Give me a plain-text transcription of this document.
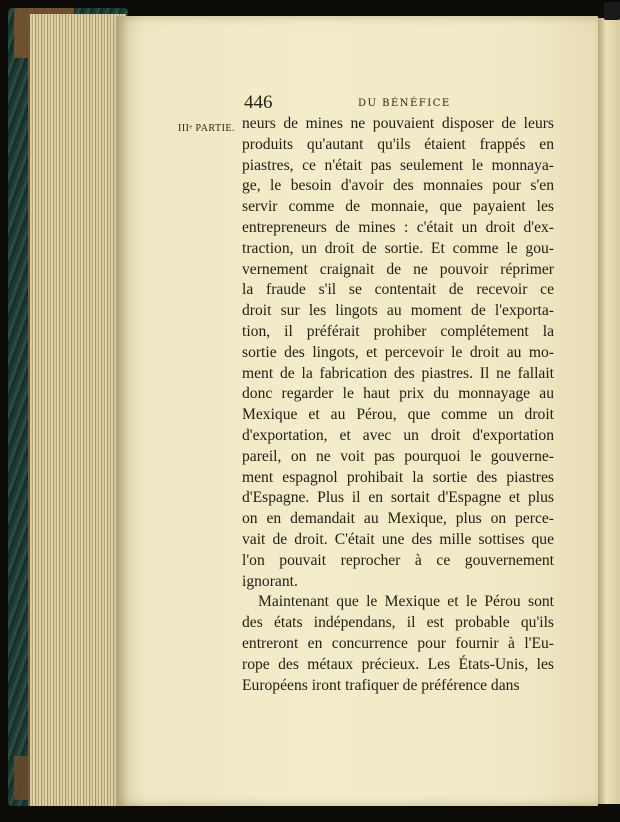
446	DU BÉNÉFICE
IIIᵉ PARTIE. neurs de mines ne pouvaient disposer de leurs
produits qu'autant qu'ils étaient frappés en
piastres, ce n'était pas seulement le monnaya-
ge, le besoin d'avoir des monnaies pour s'en
servir comme de monnaie, que payaient les
entrepreneurs de mines : c'était un droit d'ex-
traction, un droit de sortie. Et comme le gou-
vernement craignait de ne pouvoir réprimer
la fraude s'il se contentait de recevoir ce
droit sur les lingots au moment de l'exporta-
tion, il préférait prohiber complétement la
sortie des lingots, et percevoir le droit au mo-
ment de la fabrication des piastres. Il ne fallait
donc regarder le haut prix du monnayage au
Mexique et au Pérou, que comme un droit
d'exportation, et avec un droit d'exportation
pareil, on ne voit pas pourquoi le gouverne-
ment espagnol prohibait la sortie des piastres
d'Espagne. Plus il en sortait d'Espagne et plus
on en demandait au Mexique, plus on perce-
vait de droit. C'était une des mille sottises que
l'on pouvait reprocher à ce gouvernement
ignorant.
Maintenant que le Mexique et le Pérou sont
des états indépendans, il est probable qu'ils
entreront en concurrence pour fournir à l'Eu-
rope des métaux précieux. Les États-Unis, les
Européens iront trafiquer de préférence dans
